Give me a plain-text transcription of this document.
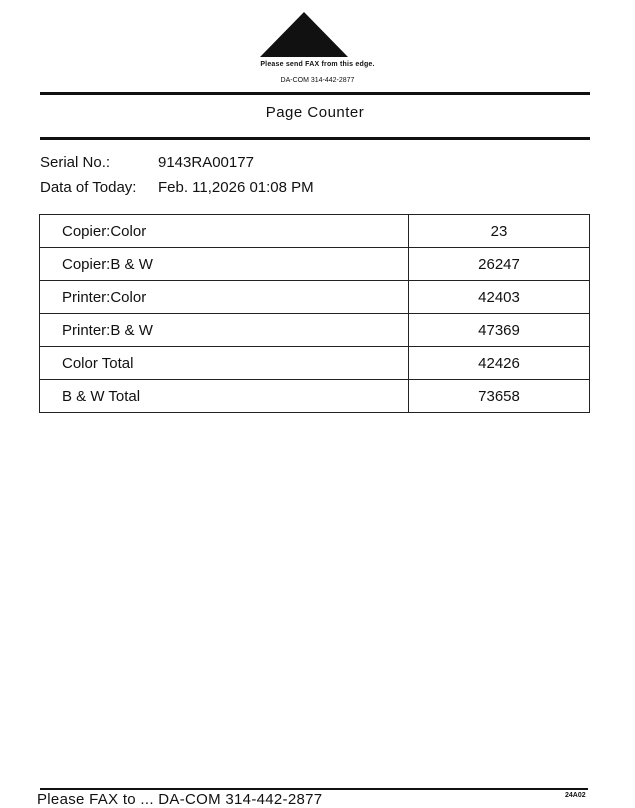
Please send FAX from this edge.
DA-COM 314-442-2877
Page Counter
Serial No.:	9143RA00177
Data of Today: Feb. 11,2026 01:08 PM
Copier:Color	23
Copier:B & W	26247
Printer:Color	42403
Printer:B & W	47369
Color Total	42426
B & W Total	73658
Please FAX to ... DA-COM 314-442-2877	24A02
